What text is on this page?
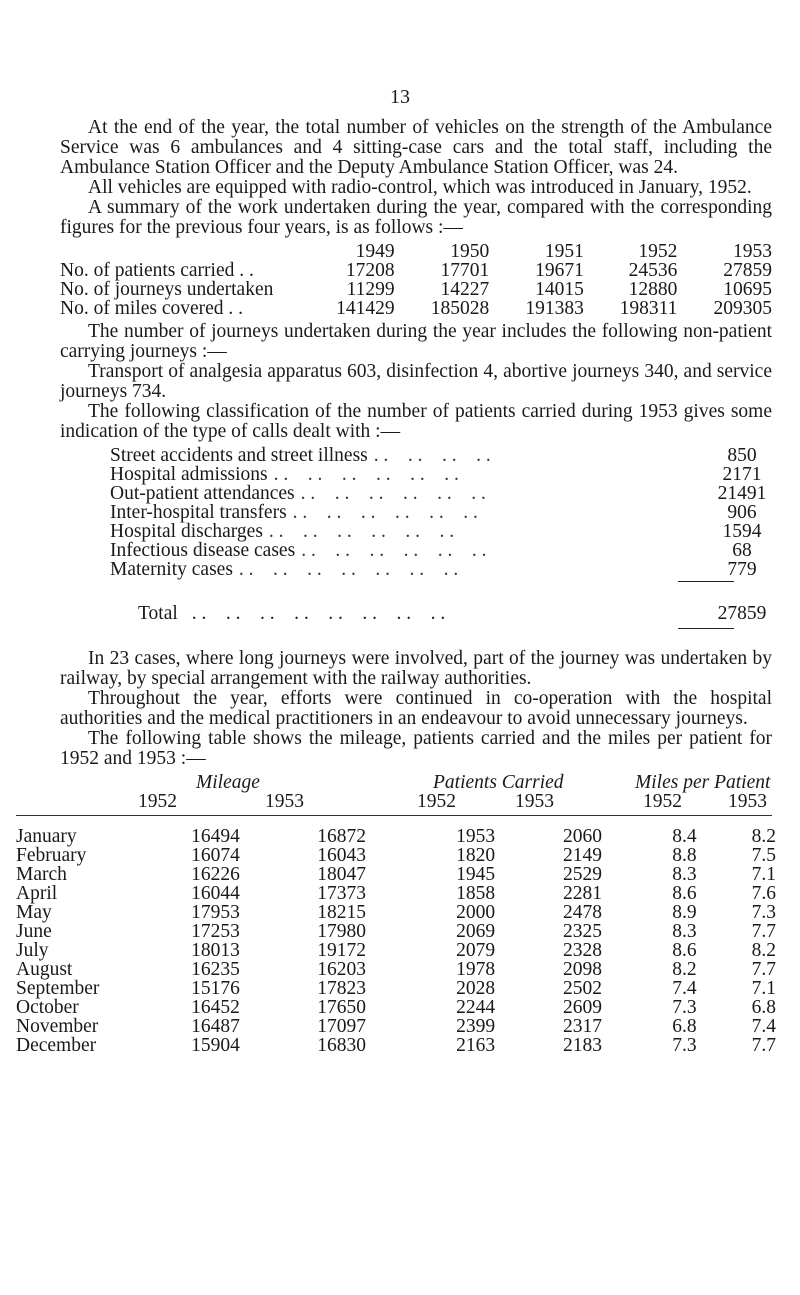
13

At the end of the year, the total number of vehicles on the strength of the Ambulance Service was 6 ambulances and 4 sitting-case cars and the total staff, including the Ambulance Station Officer and the Deputy Ambulance Station Officer, was 24.

All vehicles are equipped with radio-control, which was introduced in January, 1952.

A summary of the work undertaken during the year, compared with the corresponding figures for the previous four years, is as follows :—

	1949	1950	1951	1952	1953
No. of patients carried . .	17208	17701	19671	24536	27859
No. of journeys undertaken	11299	14227	14015	12880	10695
No. of miles covered . .	141429	185028	191383	198311	209305

The number of journeys undertaken during the year includes the following non-patient carrying journeys :—

Transport of analgesia apparatus 603, disinfection 4, abortive journeys 340, and service journeys 734.

The following classification of the number of patients carried during 1953 gives some indication of the type of calls dealt with :—

Street accidents and street illness . .    . .    . .    . .	850
Hospital admissions . .    . .    . .    . .    . .    . .	2171
Out-patient attendances . .    . .    . .    . .    . .    . .	21491
Inter-hospital transfers . .    . .    . .    . .    . .    . .	906
Hospital discharges . .    . .    . .    . .    . .    . .	1594
Infectious disease cases . .    . .    . .    . .    . .    . .	68
Maternity cases . .    . .    . .    . .    . .    . .    . .	779
Total . .    . .    . .    . .    . .    . .    . .    . .	27859

In 23 cases, where long journeys were involved, part of the journey was undertaken by railway, by special arrangement with the railway authorities.

Throughout the year, efforts were continued in co-operation with the hospital authorities and the medical practitioners in an endeavour to avoid unnecessary journeys.

The following table shows the mileage, patients carried and the miles per patient for 1952 and 1953 :—

Mileage	Patients Carried	Miles per Patient
1952	1953	1952	1953	1952 1953
January	16494	16872	1953	2060	8.4	8.2
February	16074	16043	1820	2149	8.8	7.5
March	16226	18047	1945	2529	8.3	7.1
April	16044	17373	1858	2281	8.6	7.6
May	17953	18215	2000	2478	8.9	7.3
June	17253	17980	2069	2325	8.3	7.7
July	18013	19172	2079	2328	8.6	8.2
August	16235	16203	1978	2098	8.2	7.7
September	15176	17823	2028	2502	7.4	7.1
October	16452	17650	2244	2609	7.3	6.8
November	16487	17097	2399	2317	6.8	7.4
December	15904	16830	2163	2183	7.3	7.7
